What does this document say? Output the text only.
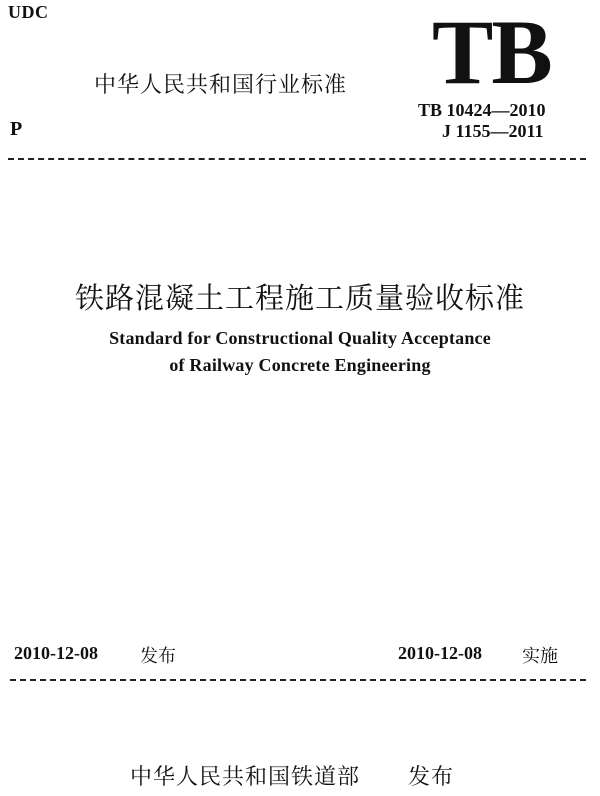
UDC
中华人民共和国行业标准 TB
TB 10424—2010
J 1155—2011
P
铁路混凝土工程施工质量验收标准
Standard for Constructional Quality Acceptance
of Railway Concrete Engineering
2010-12-08 发布	2010-12-08 实施
中华人民共和国铁道部 发布
